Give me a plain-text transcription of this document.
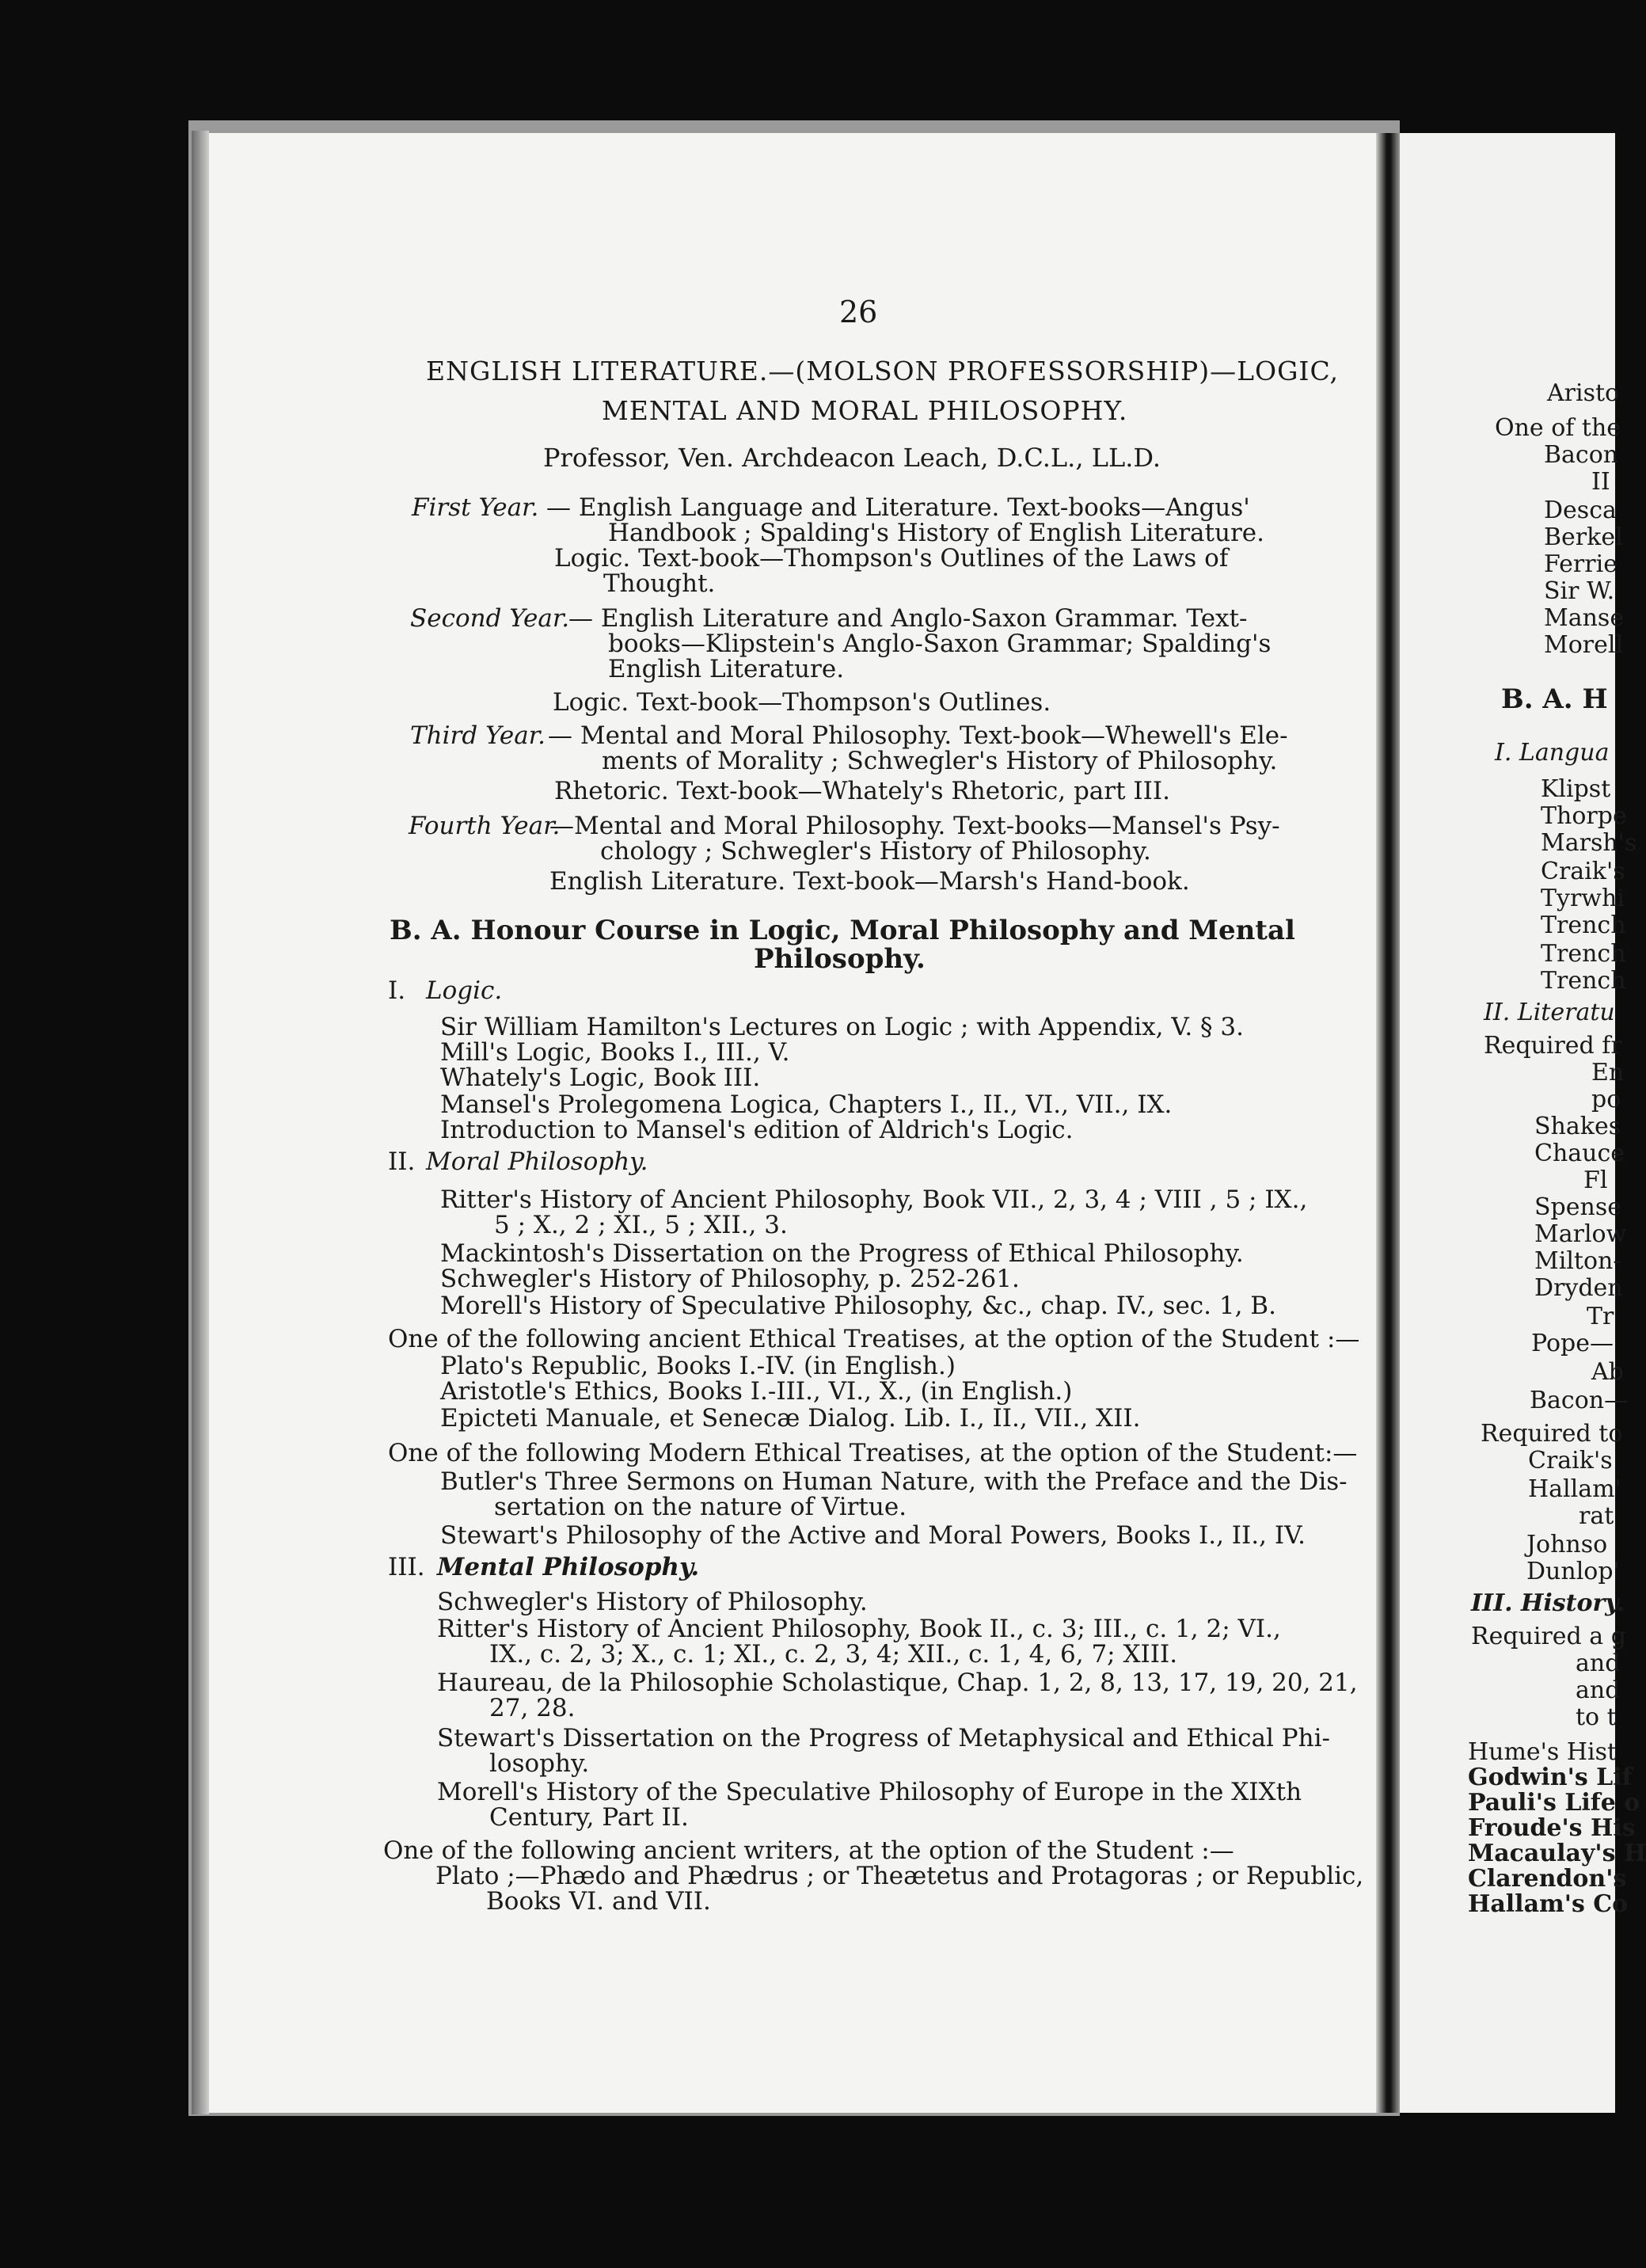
26
ENGLISH LITERATURE.—(MOLSON PROFESSORSHIP)—LOGIC,
MENTAL AND MORAL PHILOSOPHY.
Professor, Ven. Archdeacon Leach, D.C.L., LL.D.
First Year. — English Language and Literature. Text-books—Angus'
Handbook ; Spalding's History of English Literature.
Logic. Text-book—Thompson's Outlines of the Laws of
Thought.
Second Year.
— English Literature and Anglo-Saxon Grammar. Text-
books—Klipstein's Anglo-Saxon Grammar; Spalding's
English Literature.
Logic. Text-book—Thompson's Outlines.
Third Year. — Mental and Moral Philosophy. Text-book—Whewell's Ele-
ments of Morality ; Schwegler's History of Philosophy.
Rhetoric. Text-book—Whately's Rhetoric, part III.
Fourth Year.
—Mental and Moral Philosophy. Text-books—Mansel's Psy-
chology ; Schwegler's History of Philosophy.
English Literature. Text-book—Marsh's Hand-book.
B. A. Honour Course in Logic, Moral Philosophy and Mental
Philosophy.
I. Logic.
Sir William Hamilton's Lectures on Logic ; with Appendix, V. § 3.
Mill's Logic, Books I., III., V.
Whately's Logic, Book III.
Mansel's Prolegomena Logica, Chapters I., II., VI., VII., IX.
Introduction to Mansel's edition of Aldrich's Logic.
II. Moral Philosophy.
Ritter's History of Ancient Philosophy, Book VII., 2, 3, 4 ; VIII , 5 ; IX.,
5 ; X., 2 ; XI., 5 ; XII., 3.
Mackintosh's Dissertation on the Progress of Ethical Philosophy.
Schwegler's History of Philosophy, p. 252-261.
Morell's History of Speculative Philosophy, &c., chap. IV., sec. 1, B.
One of the following ancient Ethical Treatises, at the option of the Student :—
Plato's Republic, Books I.-IV. (in English.)
Aristotle's Ethics, Books I.-III., VI., X., (in English.)
Epicteti Manuale, et Senecæ Dialog. Lib. I., II., VII., XII.
One of the following Modern Ethical Treatises, at the option of the Student:—
Butler's Three Sermons on Human Nature, with the Preface and the Dis-
sertation on the nature of Virtue.
Stewart's Philosophy of the Active and Moral Powers, Books I., II., IV.
III. Mental Philosophy.
Schwegler's History of Philosophy.
Ritter's History of Ancient Philosophy, Book II., c. 3; III., c. 1, 2; VI.,
IX., c. 2, 3; X., c. 1; XI., c. 2, 3, 4; XII., c. 1, 4, 6, 7; XIII.
Haureau, de la Philosophie Scholastique, Chap. 1, 2, 8, 13, 17, 19, 20, 21,
27, 28.
Stewart's Dissertation on the Progress of Metaphysical and Ethical Phi-
losophy.
Morell's History of the Speculative Philosophy of Europe in the XIXth
Century, Part II.
One of the following ancient writers, at the option of the Student :—
Plato ;—Phædo and Phædrus ; or Theætetus and Protagoras ; or Republic,
Books VI. and VII.
Aristo
One of the
Bacon
II
Desca
Berkel
Ferrie
Sir W.
Manse
Morell
B. A. H
I. Langua
Klipst
Thorpe
Marsh's
Craik's
Tyrwhi
Trench
Trench
Trench
II. Literatu
Required fr
En
po
Shakes
Chauce
Fl
Spense
Marlow
Milton-
Dryden
Tr
Pope—
Ab
Bacon—
Required to
Craik's
Hallam'
rat
Johnso
Dunlop'
III. History.
Required a g
and
and
to t
Hume's Hist
Godwin's Lif
Pauli's Life o
Froude's His
Macaulay's H
Clarendon's
Hallam's Co
